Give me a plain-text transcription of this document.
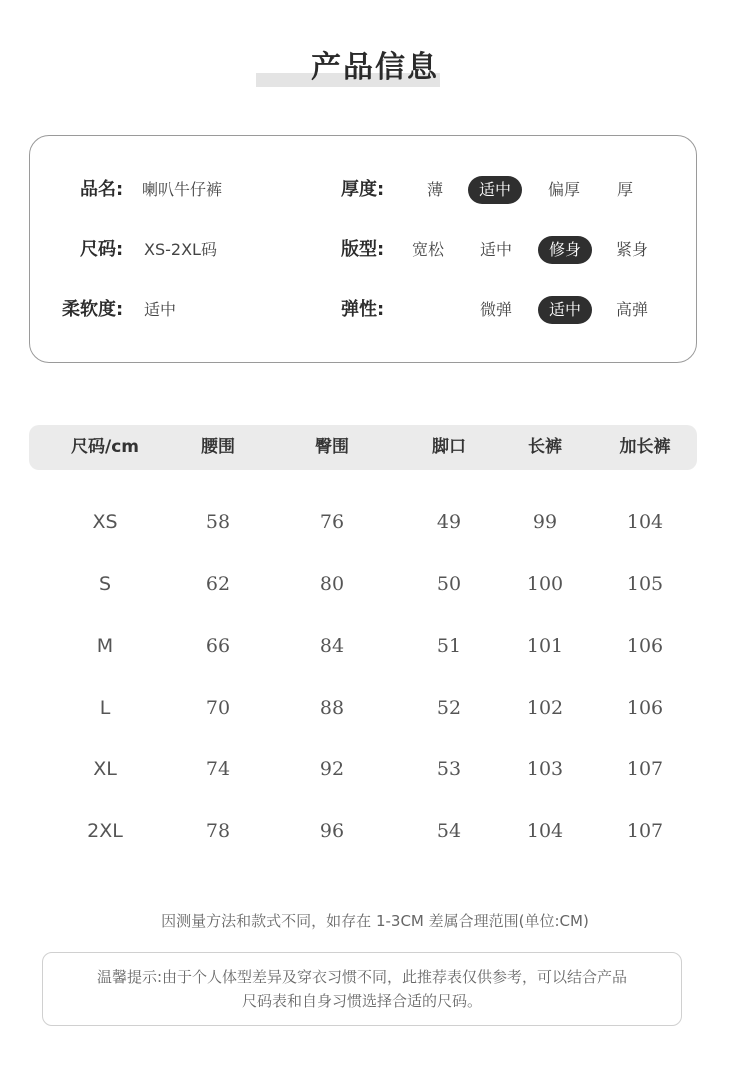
产品信息
品名: 喇叭牛仔裤
尺码: XS-2XL码
柔软度: 适中
厚度:	薄	适中	偏厚	厚
版型: 宽松	适中	修身	紧身
弹性:	微弹	适中	高弹
尺码/cm	腰围	臀围	脚口	长裤	加长裤
XS	58	76	49	99	104
S	62	80	50	100	105
M	66	84	51	101	106
L	70	88	52	102	106
XL	74	92	53	103	107
2XL	78	96	54	104	107
因测量方法和款式不同，如存在 1-3CM 差属合理范围(单位:CM)
温馨提示:由于个人体型差异及穿衣习惯不同，此推荐表仅供参考，可以结合产品
尺码表和自身习惯选择合适的尺码。
